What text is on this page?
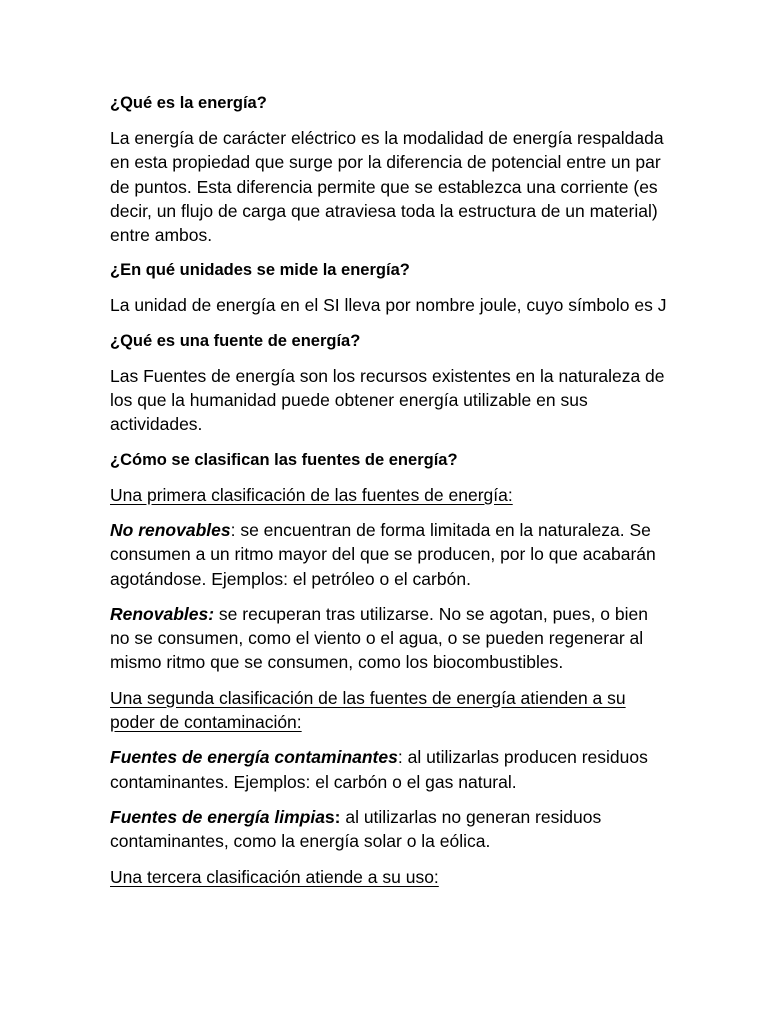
¿Qué es la energía?

La energía de carácter eléctrico es la modalidad de energía respaldada en esta propiedad que surge por la diferencia de potencial entre un par de puntos. Esta diferencia permite que se establezca una corriente (es decir, un flujo de carga que atraviesa toda la estructura de un material) entre ambos.

¿En qué unidades se mide la energía?

La unidad de energía en el SI lleva por nombre joule, cuyo símbolo es J

¿Qué es una fuente de energía?

Las Fuentes de energía son los recursos existentes en la naturaleza de los que la humanidad puede obtener energía utilizable en sus actividades.

¿Cómo se clasifican las fuentes de energía?

Una primera clasificación de las fuentes de energía:

No renovables: se encuentran de forma limitada en la naturaleza. Se consumen a un ritmo mayor del que se producen, por lo que acabarán agotándose. Ejemplos: el petróleo o el carbón.

Renovables: se recuperan tras utilizarse. No se agotan, pues, o bien no se consumen, como el viento o el agua, o se pueden regenerar al mismo ritmo que se consumen, como los biocombustibles.

Una segunda clasificación de las fuentes de energía atienden a su poder de contaminación:

Fuentes de energía contaminantes: al utilizarlas producen residuos contaminantes. Ejemplos: el carbón o el gas natural.

Fuentes de energía limpias: al utilizarlas no generan residuos contaminantes, como la energía solar o la eólica.

Una tercera clasificación atiende a su uso:
